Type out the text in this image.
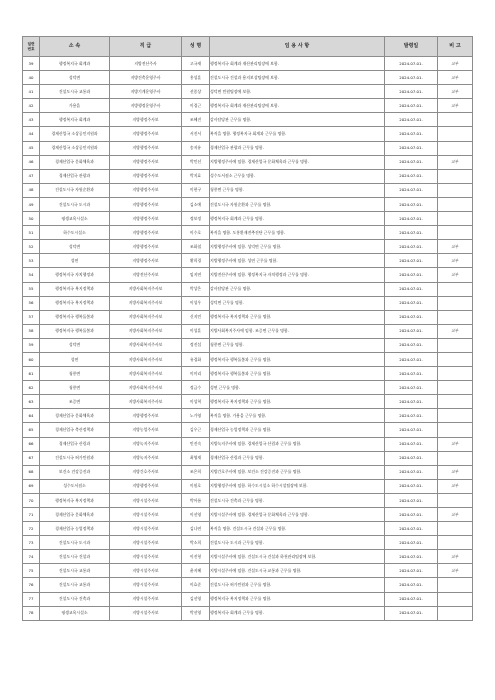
일련
번호	소 속	직 급	성 명	임 용 사 항	발령일	비 고
39	행정복지국 회계과	지방전산주사	고국재	행정복지국 회계과 재산관리팀장에 보함.	2024.07.01.	교부
40	성덕면	지방건축운영주사	홍성훈	건설도시국 건설과 용지보상팀장에 보함.	2024.07.01.	교부
41	건설도시국 교통과	지방기계운영주사	선종상	성덕면 민원팀장에 보함.	2024.07.01.	교부
42	가용읍	지방행정운영주사	이경근	행정복지국 회계과 재산관리팀장에 보함.	2024.07.01.	교부
43	행정복지국 회계과	지방행정주사보	조혜진	감사담당관 근무를 명함.	2024.07.01.	
44	경제산업국 소상공인지원과	지방행정주사보	서진서	복직을 명함. 행정복지국 회계과 근무를 명함.	2024.07.01.	
45	경제산업국 소상공인지원과	지방행정주사보	송지유	경제산업국 관광과 근무를 명함.	2024.07.01.	
46	경제산업국 문화체육과	지방행정주사보	박인선	지방행정주사에 임함. 경제산업국 문화체육과 근무를 명함.	2024.07.01.	교부
47	경제산업국 관광과	지방행정주사보	박지효	성수도서점소 근무를 명함.	2024.07.01.	
48	건설도시국 자원순환과	지방행정주사보	이현구	청풍면 근무를 명함.	2024.07.01.	
49	건설도시국 도시과	지방행정주사보	김소애	건설도시국 자원순환과 근무를 명함.	2024.07.01.	
50	평생교육시설소	지방행정주사보	정보정	행정복지국 회계과 근무를 명함.	2024.07.01.	
51	하수도시설소	지방행정주사보	이수호	복직을 명함. 도홍환재전추진단 근무를 명함.	2024.07.01.	
52	성덕면	지방행정주사보	조화철	지방행정주사에 임함. 성덕면 근무를 명함.	2024.07.01.	교부
53	성연	지방행정주사보	황희경	지방행정주사에 임함. 성연 근무를 명함.	2024.07.01.	교부
54	행정복지국 자치행정과	지방전산주사보	임지연	지방전산주사에 임함. 행정복지국 자치행정과 근무를 명함.	2024.07.01.	교부
55	행정복지국 복지정책과	지방사회복지주사보	박상은	감사담당관 근무를 명함.	2024.07.01.	
56	행정복지국 복지정책과	지방사회복지주사보	이성우	성덕면 근무를 명함.	2024.07.01.	
57	행정복지국 행복돌봄과	지방사회복지주사보	신지민	행정복지국 복지정책과 근무를 명함.	2024.07.01.	
58	행정복지국 행복돌봄과	지방사회복지주사보	이성훈	지방사회복지주사에 임함. 조증면 근무를 명함.	2024.07.01.	교부
59	성덕면	지방사회복지주사보	정진섭	청풍면 근무를 명함.	2024.07.01.	
60	성연	지방사회복지주사보	유경화	행정복지국 행복돌봄과 근무를 명함.	2024.07.01.	
61	청풍면	지방사회복지주사보	이미리	행정복지국 행복돌봄과 근무를 명함.	2024.07.01.	
62	청풍면	지방사회복지주사보	정금수	성연 근무를 명함.	2024.07.01.	
63	조증면	지방사회복지주사보	이성혁	행정복지국 복지정책과 근무를 명함.	2024.07.01.	
64	경제산업국 문화체육과	지방행정주사보	노가영	복직을 명함. 가용읍 근무를 명함.	2024.07.01.	
65	경제산업국 축산정책과	지방농업주사보	김우근	경제산업국 농업정책과 근무를 명함.	2024.07.01.	
66	경제산업국 산림과	지방녹지주사보	민진숙	지방녹지주사에 임함. 경제산업국 산림과 근무를 명함.	2024.07.01.	교부
67	건설도시국 허가민원과	지방녹지주사보	최영재	경제산업국 산림과 근무를 명함.	2024.07.01.	
68	보건소 건강증진과	지방간호주사보	조은희	지방간호주사에 임함. 보건소 건강증진과 근무를 명함.	2024.07.01.	교부
69	성수도서점소	지방행정주사보	이원호	지방행정주사에 임함. 하수도시설소 하수시설팀장에 보함.	2024.07.01.	교부
70	행정복지국 복지정책과	지방시설주사보	박아름	건설도시국 건축과 근무를 명함.	2024.07.01.	
71	경제산업국 문화체육과	지방시설주사보	이선영	지방시설주사에 임함. 경제산업국 문화체육과 근무를 명함.	2024.07.01.	교부
72	경제산업국 농업정책과	지방시설주사보	김나연	복직을 명함. 건설도시국 건설과 근무를 명함.	2024.07.01.	
73	건설도시국 도시과	지방시설주사보	박소희	건설도시국 도시과 근무를 명함.	2024.07.01.	
74	건설도시국 건설과	지방시설주사보	이진형	지방시설주사에 임함. 건설도시국 건설과 하천관리팀장에 보함.	2024.07.01.	교부
75	건설도시국 교통과	지방시설주사보	윤지혜	지방시설주사에 임함. 건설도시국 교통과 근무를 명함.	2024.07.01.	교부
76	건설도시국 교통과	지방시설주사보	이효준	건설도시국 허가민원과 근무를 명함.	2024.07.01.	
77	건설도시국 건축과	지방시설주사보	김선영	행정복지국 복지정책과 근무를 명함.	2024.07.01.	
78	평생교육시설소	지방시설주사보	박선영	행정복지국 회계과 근무를 명함.	2024.07.01.	
